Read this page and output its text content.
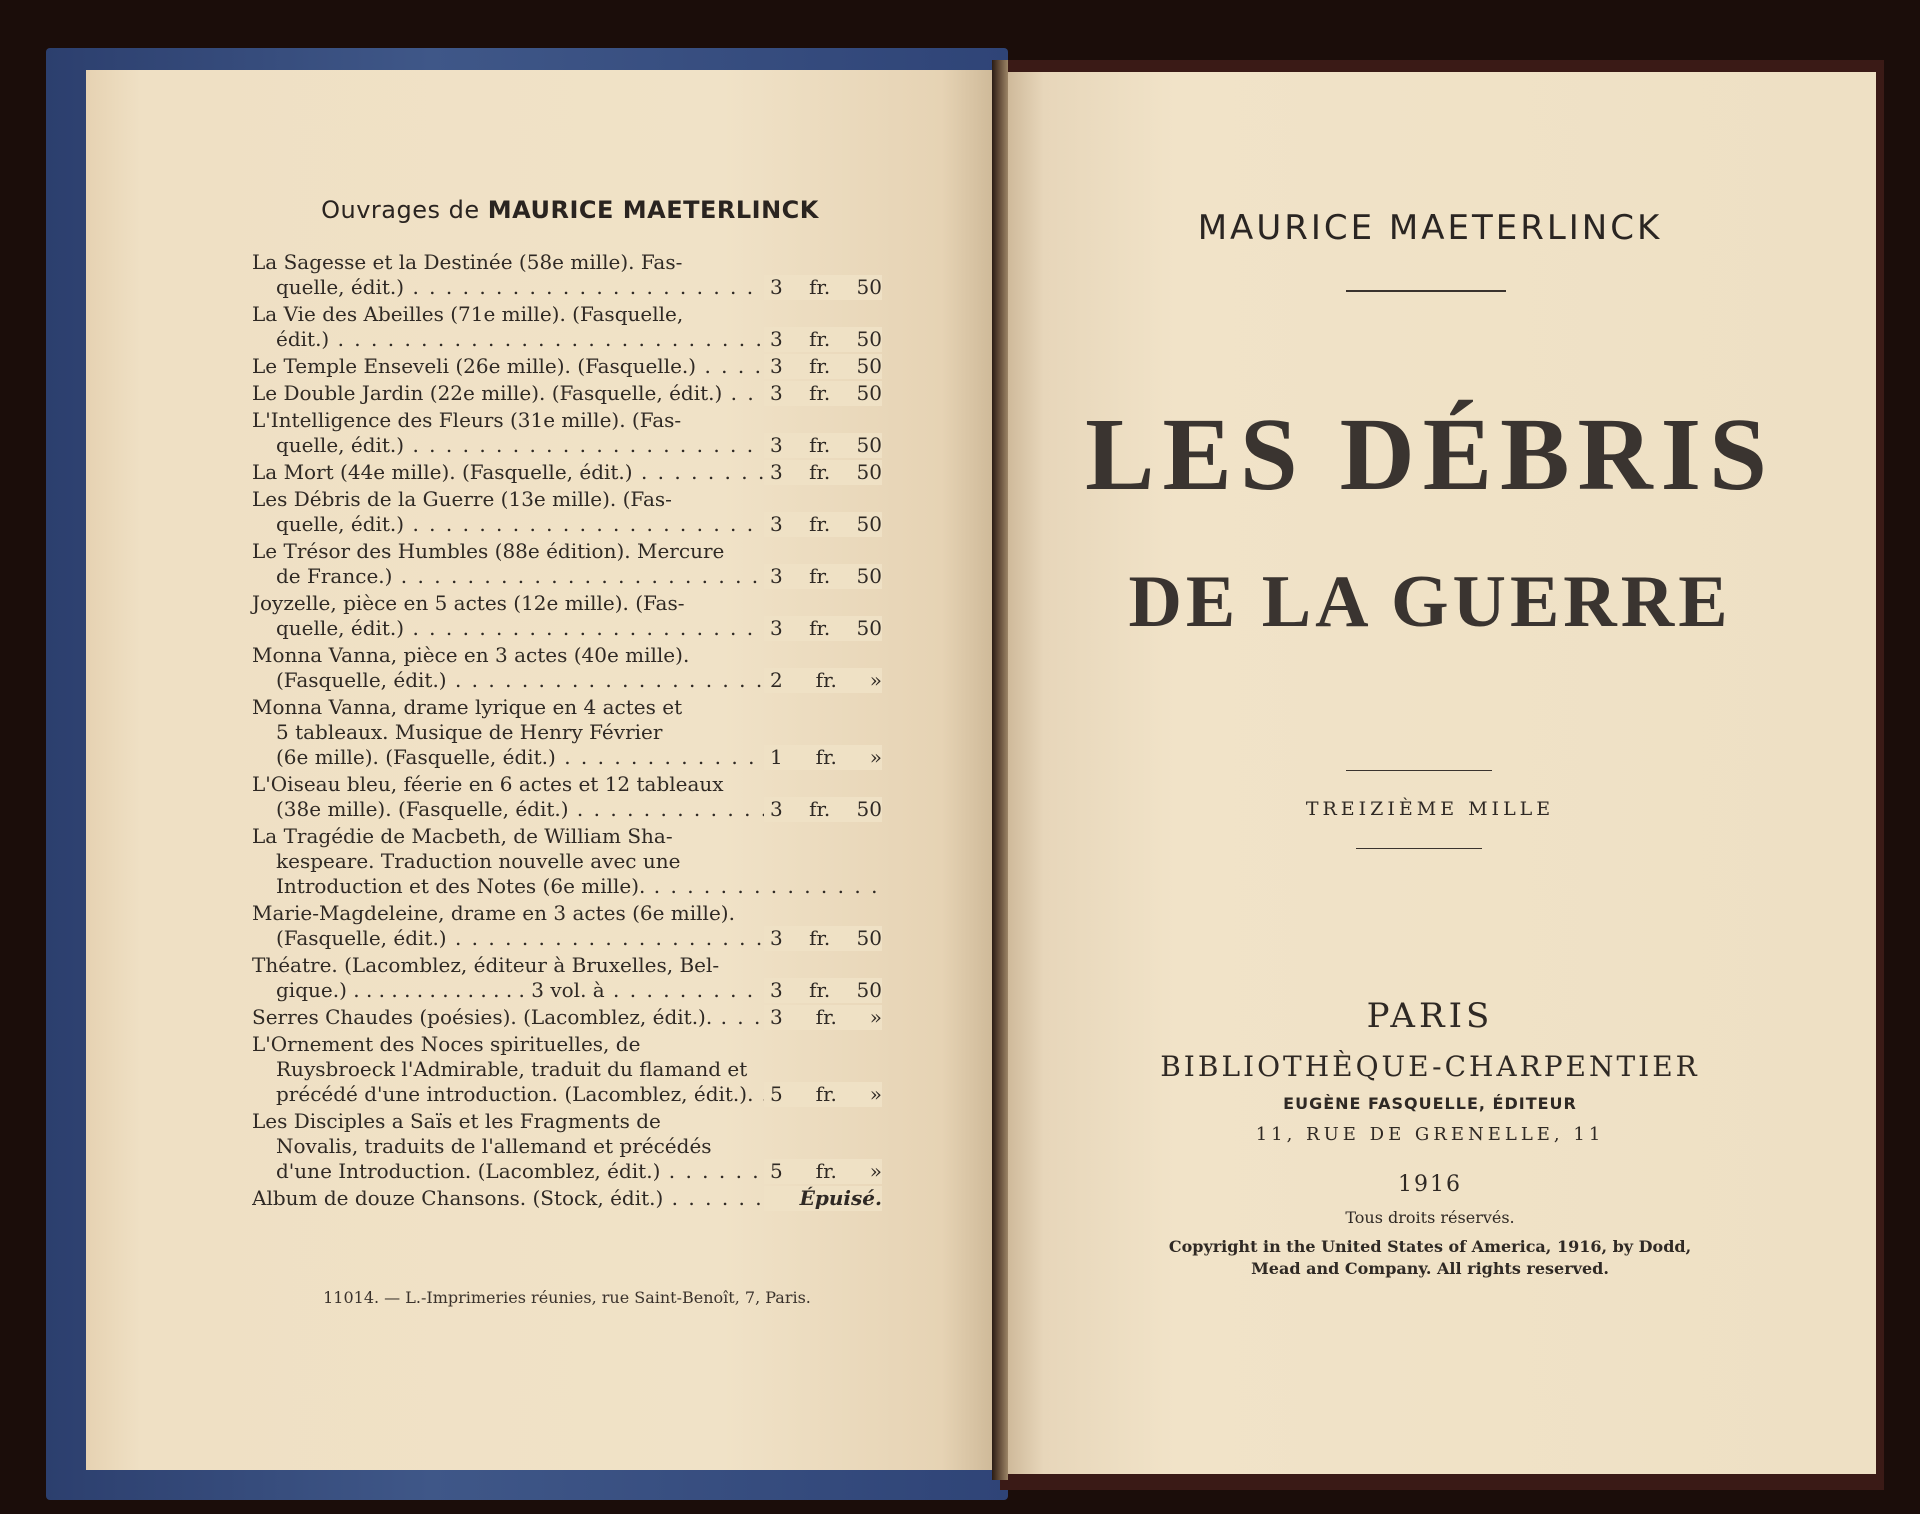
Ouvrages de MAURICE MAETERLINCK
La Sagesse et la Destinée (58e mille). Fas-
quelle, édit.) . . .	3 fr. 50
La Vie des Abeilles (71e mille). (Fasquelle,
édit.) . . .	3 fr. 50
Le Temple Enseveli (26e mille). (Fasquelle.) . . .	3 fr. 50
Le Double Jardin (22e mille). (Fasquelle, édit.) . . .	3 fr. 50
L'Intelligence des Fleurs (31e mille). (Fas-
quelle, édit.) . . .	3 fr. 50
La Mort (44e mille). (Fasquelle, édit.) . . .	3 fr. 50
Les Débris de la Guerre (13e mille). (Fas-
quelle, édit.) . . .	3 fr. 50
Le Trésor des Humbles (88e édition). Mercure
de France.) . . .	3 fr. 50
Joyzelle, pièce en 5 actes (12e mille). (Fas-
quelle, édit.) . . .	3 fr. 50
Monna Vanna, pièce en 3 actes (40e mille).
(Fasquelle, édit.) . . .	2 fr. »
Monna Vanna, drame lyrique en 4 actes et
5 tableaux. Musique de Henry Février
(6e mille). (Fasquelle, édit.) . . .	1 fr. »
L'Oiseau bleu, féerie en 6 actes et 12 tableaux
(38e mille). (Fasquelle, édit.) . . .	3 fr. 50
La Tragédie de Macbeth, de William Sha-
kespeare. Traduction nouvelle avec une
Introduction et des Notes (6e mille). . . .
Marie-Magdeleine, drame en 3 actes (6e mille).
(Fasquelle, édit.) . . .	3 fr. 50
Théatre. (Lacomblez, éditeur à Bruxelles, Bel-
gique.) . . . . . . . . . . . . . . 3 vol. à . . .	3 fr. 50
Serres Chaudes (poésies). (Lacomblez, édit.). . . .	3 fr. »
L'Ornement des Noces spirituelles, de
Ruysbroeck l'Admirable, traduit du flamand et
précédé d'une introduction. (Lacomblez, édit.). . . . 5 fr. »
Les Disciples a Saïs et les Fragments de
Novalis, traduits de l'allemand et précédés
d'une Introduction. (Lacomblez, édit.) . . .	5 fr. »
Album de douze Chansons. (Stock, édit.) . . .	Épuisé.
11014. — L.-Imprimeries réunies, rue Saint-Benoît, 7, Paris.
MAURICE MAETERLINCK
LES DÉBRIS
DE LA GUERRE
TREIZIÈME MILLE
PARIS
BIBLIOTHÈQUE-CHARPENTIER
EUGÈNE FASQUELLE, ÉDITEUR
11, RUE DE GRENELLE, 11
1916
Tous droits réservés.
Copyright in the United States of America, 1916, by Dodd,
Mead and Company. All rights reserved.
